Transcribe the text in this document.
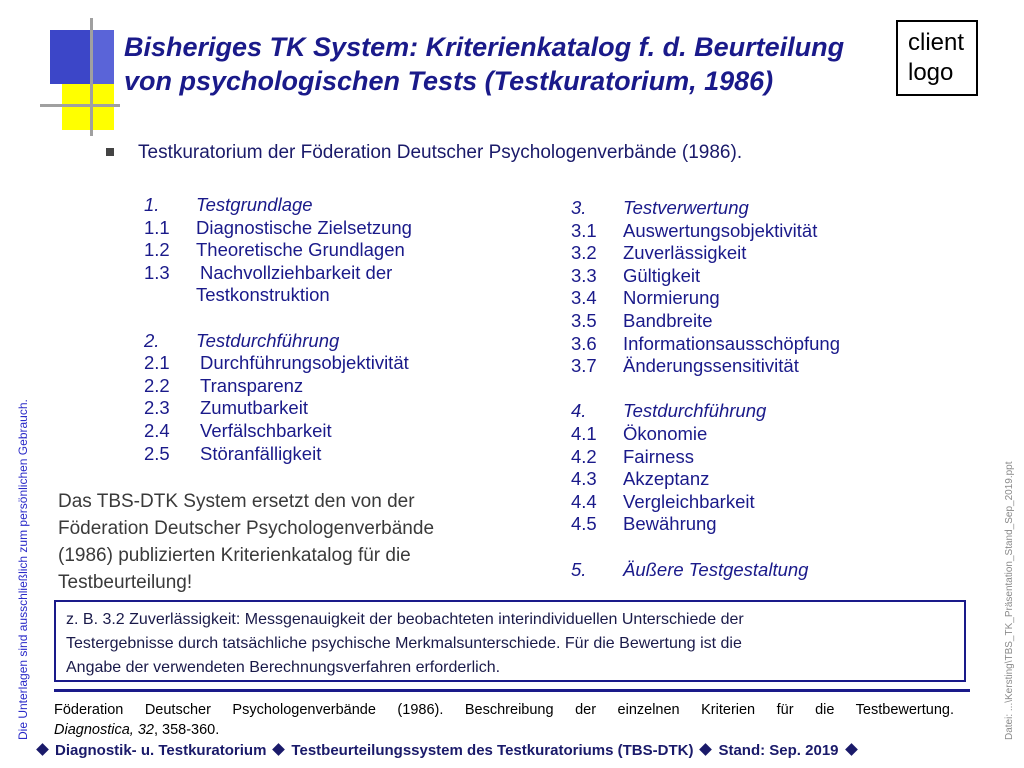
Bisheriges TK System: Kriterienkatalog f. d. Beurteilung
von psychologischen Tests (Testkuratorium, 1986)
client
logo
Testkuratorium der Föderation Deutscher Psychologenverbände (1986).
1.	Testgrundlage
1.1	Diagnostische Zielsetzung
1.2	Theoretische Grundlagen
1.3	Nachvollziehbarkeit der
Testkonstruktion
2.	Testdurchführung
2.1	Durchführungsobjektivität
2.2	Transparenz
2.3	Zumutbarkeit
2.4	Verfälschbarkeit
2.5	Störanfälligkeit
3.	Testverwertung
3.1	Auswertungsobjektivität
3.2	Zuverlässigkeit
3.3	Gültigkeit
3.4	Normierung
3.5	Bandbreite
3.6	Informationsausschöpfung
3.7	Änderungssensitivität
4.	Testdurchführung
4.1	Ökonomie
4.2	Fairness
4.3	Akzeptanz
4.4	Vergleichbarkeit
4.5	Bewährung
5.	Äußere Testgestaltung
Das TBS-DTK System ersetzt den von der
Föderation Deutscher Psychologenverbände
(1986) publizierten Kriterienkatalog für die
Testbeurteilung!
z. B. 3.2 Zuverlässigkeit: Messgenauigkeit der beobachteten interindividuellen Unterschiede der
Testergebnisse durch tatsächliche psychische Merkmalsunterschiede. Für die Bewertung ist die
Angabe der verwendeten Berechnungsverfahren erforderlich.
Föderation Deutscher Psychologenverbände (1986). Beschreibung der einzelnen Kriterien für die Testbewertung.
Diagnostica, 32, 358-360.
Diagnostik- u. Testkuratorium Testbeurteilungssystem des Testkuratoriums (TBS-DTK) Stand: Sep. 2019
Die Unterlagen sind ausschließlich zum persönlichen Gebrauch.	Datei: ...\Kersting\TBS_TK_Präsentation_Stand_Sep_2019.ppt
